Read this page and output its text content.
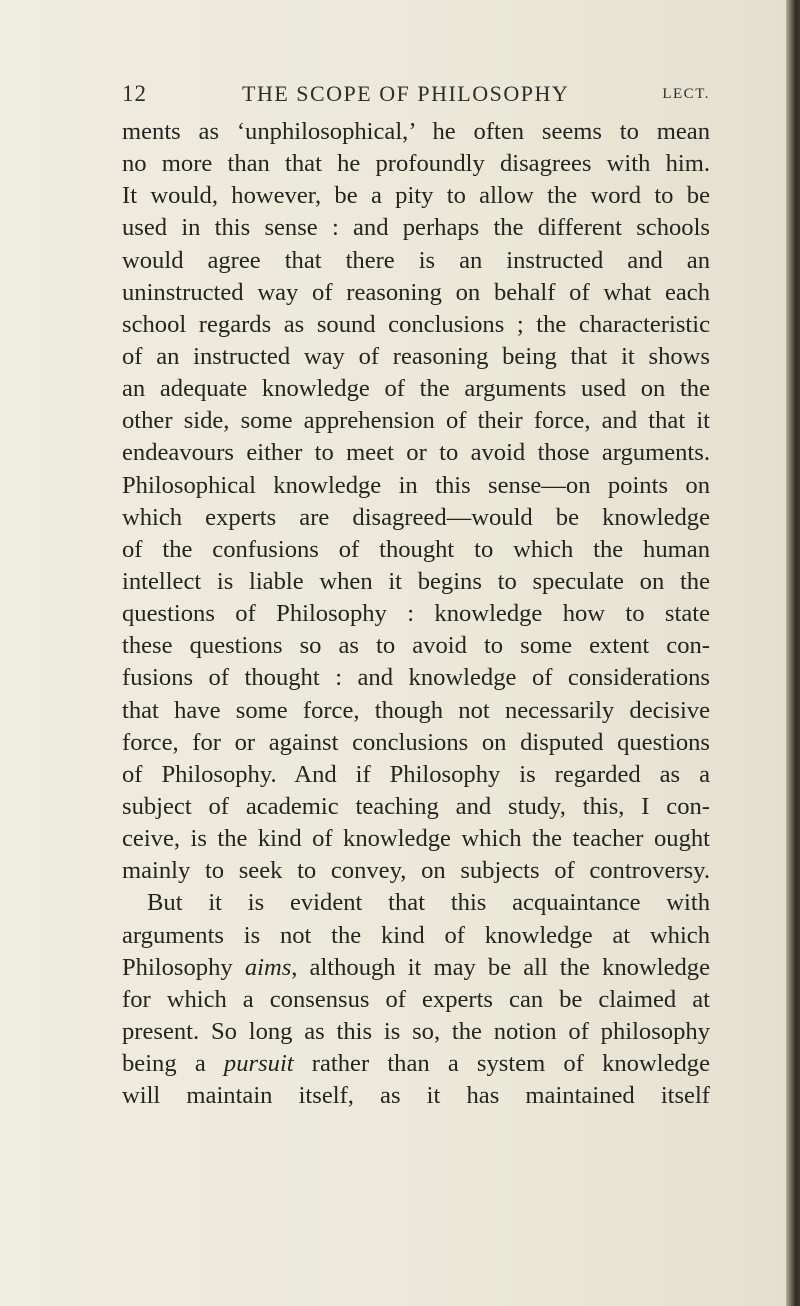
12	THE SCOPE OF PHILOSOPHY	LECT.
ments as ‘unphilosophical,’ he often seems to mean
no more than that he profoundly disagrees with him.
It would, however, be a pity to allow the word to be
used in this sense : and perhaps the different schools
would agree that there is an instructed and an
uninstructed way of reasoning on behalf of what each
school regards as sound conclusions ; the characteristic
of an instructed way of reasoning being that it shows
an adequate knowledge of the arguments used on the
other side, some apprehension of their force, and that it
endeavours either to meet or to avoid those arguments.
Philosophical knowledge in this sense—on points on
which experts are disagreed—would be knowledge
of the confusions of thought to which the human
intellect is liable when it begins to speculate on the
questions of Philosophy : knowledge how to state
these questions so as to avoid to some extent con-
fusions of thought : and knowledge of considerations
that have some force, though not necessarily decisive
force, for or against conclusions on disputed questions
of Philosophy. And if Philosophy is regarded as a
subject of academic teaching and study, this, I con-
ceive, is the kind of knowledge which the teacher ought
mainly to seek to convey, on subjects of controversy.
But it is evident that this acquaintance with
arguments is not the kind of knowledge at which
Philosophy aims, although it may be all the knowledge
for which a consensus of experts can be claimed at
present. So long as this is so, the notion of philosophy
being a pursuit rather than a system of knowledge
will maintain itself, as it has maintained itself
